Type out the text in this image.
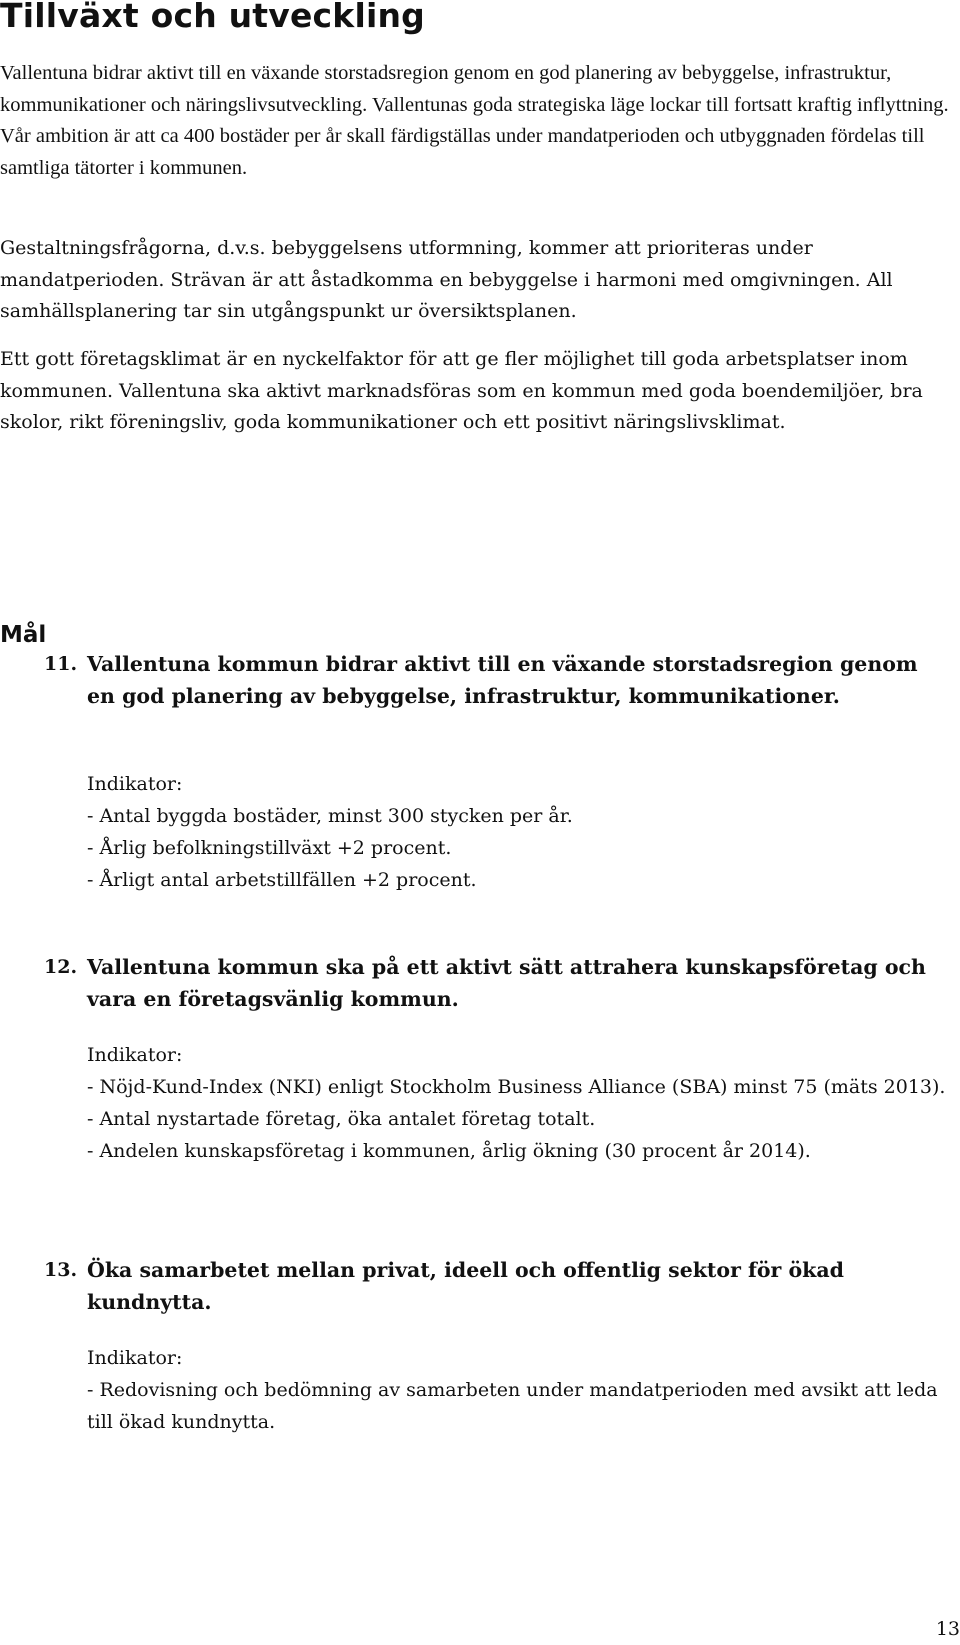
Tillväxt och utveckling

Vallentuna bidrar aktivt till en växande storstadsregion genom en god planering av bebyggelse, infrastruktur, kommunikationer och näringslivsutveckling. Vallentunas goda strategiska läge lockar till fortsatt kraftig inflyttning. Vår ambition är att ca 400 bostäder per år skall färdigställas under mandatperioden och utbyggnaden fördelas till samtliga tätorter i kommunen.

Gestaltningsfrågorna, d.v.s. bebyggelsens utformning, kommer att prioriteras under mandatperioden. Strävan är att åstadkomma en bebyggelse i harmoni med omgivningen. All samhällsplanering tar sin utgångspunkt ur översiktsplanen.

Ett gott företagsklimat är en nyckelfaktor för att ge fler möjlighet till goda arbetsplatser inom kommunen. Vallentuna ska aktivt marknadsföras som en kommun med goda boendemiljöer, bra skolor, rikt föreningsliv, goda kommunikationer och ett positivt näringslivsklimat.

Mål
11. Vallentuna kommun bidrar aktivt till en växande storstadsregion genom en god planering av bebyggelse, infrastruktur, kommunikationer.

Indikator:

- Antal byggda bostäder, minst 300 stycken per år.
- Årlig befolkningstillväxt +2 procent.
- Årligt antal arbetstillfällen +2 procent.
12. Vallentuna kommun ska på ett aktivt sätt attrahera kunskapsföretag och vara en företagsvänlig kommun.

Indikator:

- Nöjd-Kund-Index (NKI) enligt Stockholm Business Alliance (SBA) minst 75 (mäts 2013).
- Antal nystartade företag, öka antalet företag totalt.
- Andelen kunskapsföretag i kommunen, årlig ökning (30 procent år 2014).
13. Öka samarbetet mellan privat, ideell och offentlig sektor för ökad kundnytta.

Indikator:

- Redovisning och bedömning av samarbeten under mandatperioden med avsikt att leda till ökad kundnytta.
13
